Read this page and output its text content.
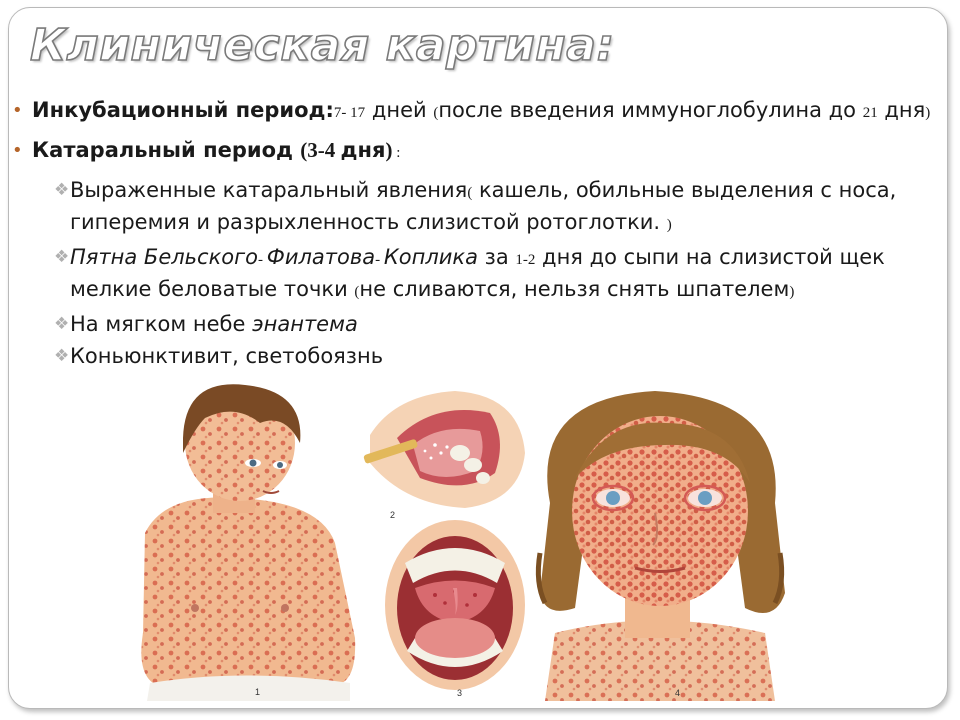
Клиническая картина:
• Инкубационный период:7- 17 дней (после введения иммуноглобулина до 21 дня)
• Катаральный период (3-4 дня) :
❖ Выраженные катаральный явления( кашель, обильные выделения с носа, гиперемия и разрыхленность слизистой ротоглотки. )
❖ Пятна Бельского- Филатова- Коплика за 1-2 дня до сыпи на слизистой щек мелкие беловатые точки (не сливаются, нельзя снять шпателем)
❖ На мягком небе энантема
❖ Коньюнктивит, светобоязнь
1
2
3	4
